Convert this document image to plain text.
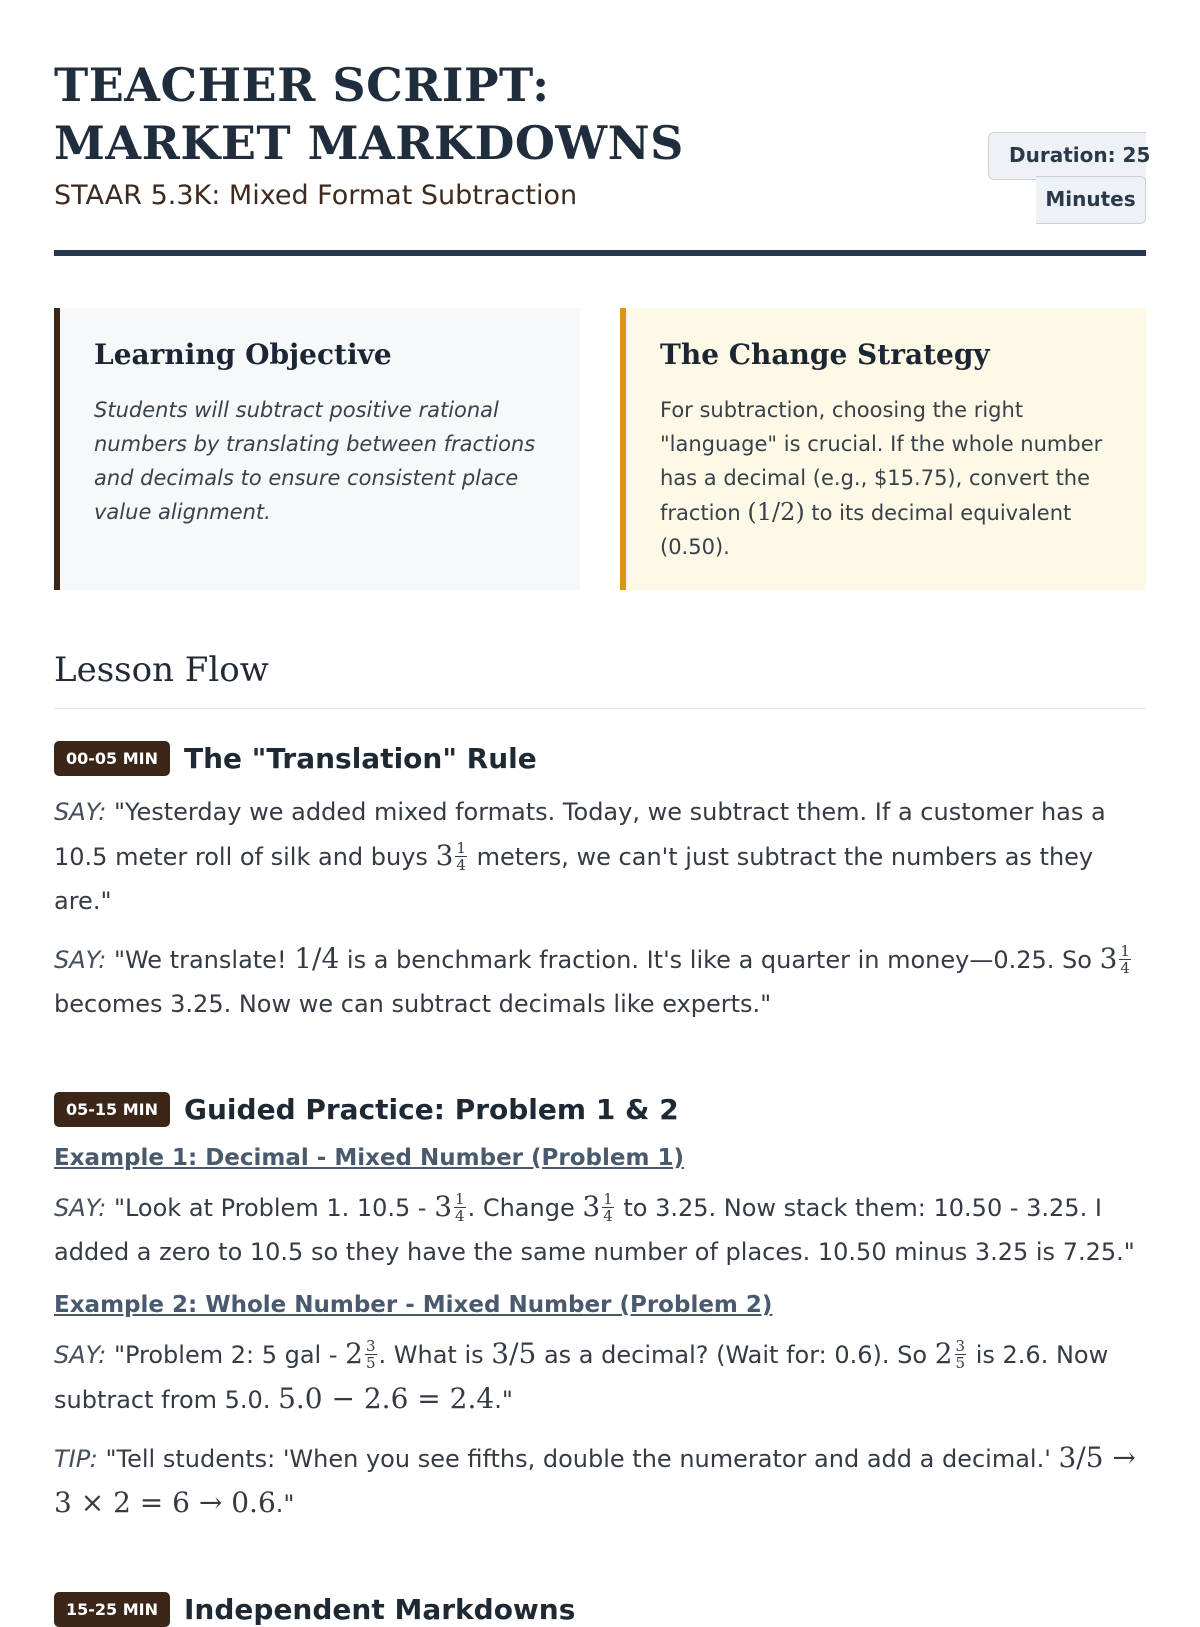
TEACHER SCRIPT: MARKET MARKDOWNS
STAAR 5.3K: Mixed Format Subtraction
Duration: 25
Minutes
Learning Objective
Students will subtract positive rational numbers by translating between fractions and decimals to ensure consistent place value alignment.
The Change Strategy
For subtraction, choosing the right "language" is crucial. If the whole number has a decimal (e.g., $15.75), convert the fraction (1/2) to its decimal equivalent (0.50).
Lesson Flow
00-05 MIN The "Translation" Rule

SAY: "Yesterday we added mixed formats. Today, we subtract them. If a customer has a 10.5 meter roll of silk and buys $3 \frac{1}{4}$ meters, we can't just subtract the numbers as they are."

SAY: "We translate! 1/4 is a benchmark fraction. It's like a quarter in money—0.25. So $3 \frac{1}{4}$
becomes 3.25. Now we can subtract decimals like experts."

05-15 MIN Guided Practice: Problem 1 & 2
Example 1: Decimal - Mixed Number (Problem 1)

SAY: "Look at Problem 1. $10.5 - 3 \frac{1}{4}$ . Change $3 \frac{1}{4}$ to 3.25. Now stack them: 10.50 - 3.25. I added a zero to 10.5 so they have the same number of places. 10.50 minus 3.25 is 7.25."

Example 2: Whole Number - Mixed Number (Problem 2)

SAY: "Problem 2: 5 gal - $2 \frac{3}{5}$ . What is 3/5 as a decimal? (Wait for: 0.6). So $2 \frac{3}{5}$ is 2.6. Now subtract from 5.0. 5.0 − 2.6 = 2.4."

TIP: "Tell students: 'When you see fifths, double the numerator and add a decimal.' 3/5 → 3 × 2 = 6 → 0.6."

15-25 MIN Independent Markdowns
